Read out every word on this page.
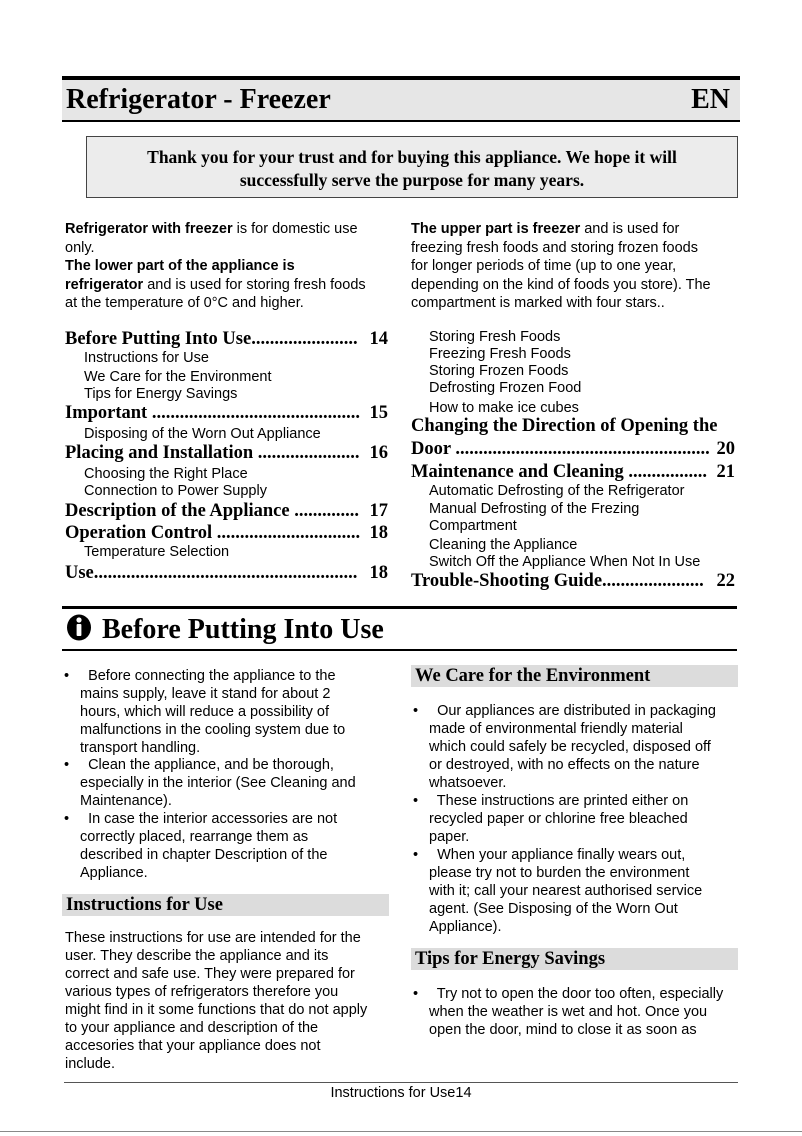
Refrigerator - Freezer	EN
Thank you for your trust and for buying this appliance. We hope it will
successfully serve the purpose for many years.
Refrigerator with freezer is for domestic use
only.
The lower part of the appliance is
refrigerator and is used for storing fresh foods
at the temperature of 0°C and higher.
The upper part is freezer and is used for
freezing fresh foods and storing frozen foods
for longer periods of time (up to one year,
depending on the kind of foods you store). The
compartment is marked with four stars..
Before Putting Into Use....................... 14
Instructions for Use
We Care for the Environment
Tips for Energy Savings
Important ............................................. 15
Disposing of the Worn Out Appliance
Placing and Installation ...................... 16
Choosing the Right Place
Connection to Power Supply
Description of the Appliance .............. 17
Operation Control ............................... 18
Temperature Selection
Use......................................................... 18
Storing Fresh Foods
Freezing Fresh Foods
Storing Frozen Foods
Defrosting Frozen Food
How to make ice cubes
Changing the Direction of Opening the
Door ....................................................... 20
Maintenance and Cleaning ................. 21
Automatic Defrosting of the Refrigerator
Manual Defrosting of the Frezing
Compartment
Cleaning the Appliance
Switch Off the Appliance When Not In Use
Trouble-Shooting Guide...................... 22
Before Putting Into Use
•	Before connecting the appliance to the

mains supply, leave it stand for about 2

hours, which will reduce a possibility of

malfunctions in the cooling system due to

transport handling.

•	Clean the appliance, and be thorough,

especially in the interior (See Cleaning and

Maintenance).

•	In case the interior accessories are not

correctly placed, rearrange them as

described in chapter Description of the

Appliance.

Instructions for Use
These instructions for use are intended for the
user. They describe the appliance and its
correct and safe use. They were prepared for
various types of refrigerators therefore you
might find in it some functions that do not apply
to your appliance and description of the
accesories that your appliance does not
include.
We Care for the Environment
•	Our appliances are distributed in packaging

made of environmental friendly material

which could safely be recycled, disposed off

or destroyed, with no effects on the nature

whatsoever.

•	These instructions are printed either on

recycled paper or chlorine free bleached

paper.

•	When your appliance finally wears out,

please try not to burden the environment

with it; call your nearest authorised service

agent. (See Disposing of the Worn Out

Appliance).

Tips for Energy Savings
•	Try not to open the door too often, especially

when the weather is wet and hot. Once you

open the door, mind to close it as soon as

Instructions for Use14
